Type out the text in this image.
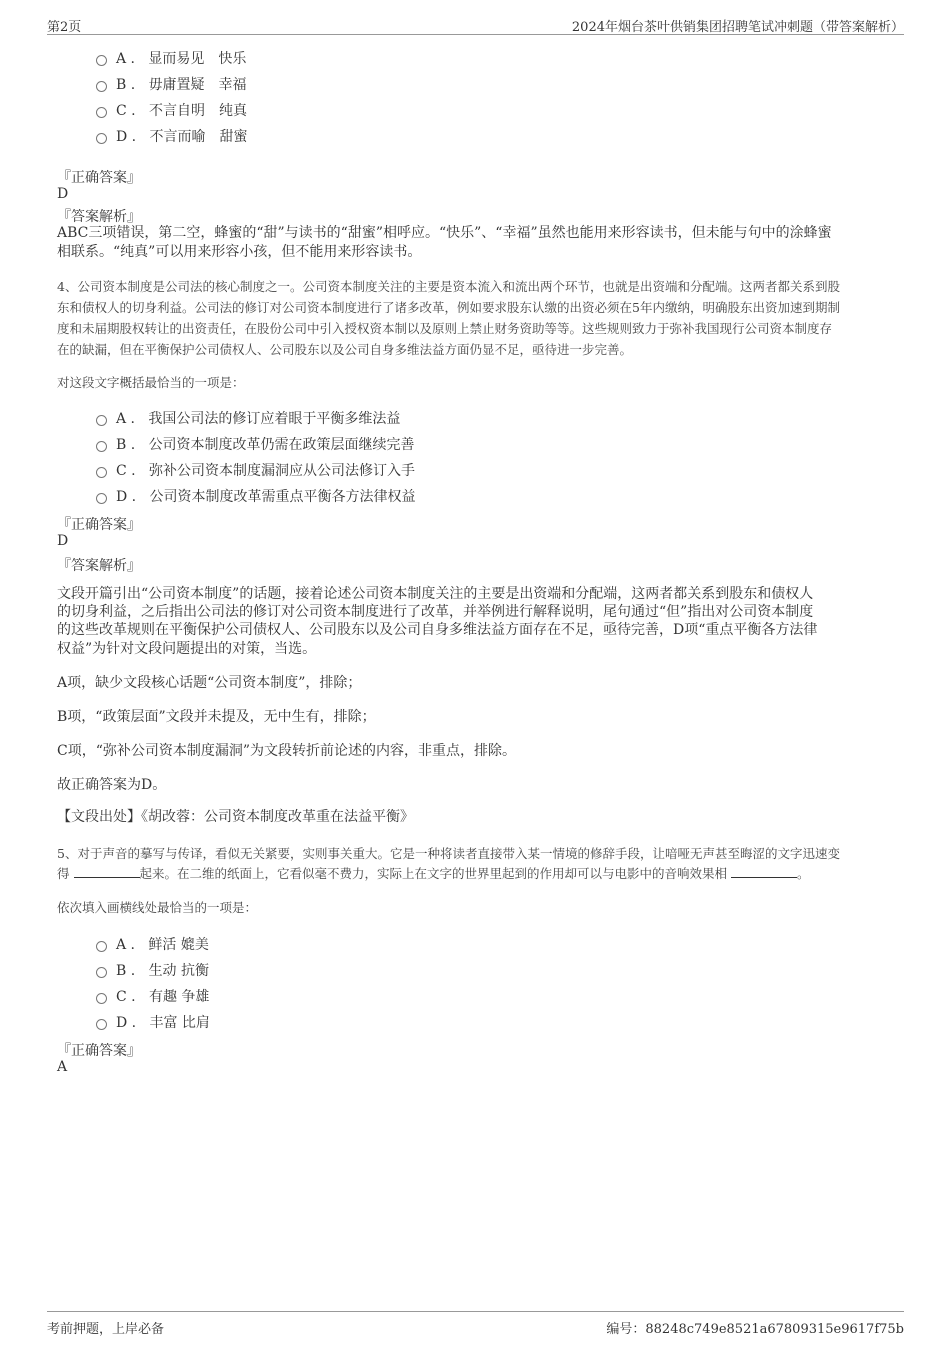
第2页	2024年烟台茶叶供销集团招聘笔试冲刺题（带答案解析）
A . 显而易见　快乐
B . 毋庸置疑　幸福
C . 不言自明　纯真
D . 不言而喻　甜蜜
『正确答案』
D
『答案解析』
ABC三项错误，第二空，蜂蜜的“甜”与读书的“甜蜜”相呼应。“快乐”、“幸福”虽然也能用来形容读书，但未能与句中的涂蜂蜜
相联系。“纯真”可以用来形容小孩，但不能用来形容读书。
4、公司资本制度是公司法的核心制度之一。公司资本制度关注的主要是资本流入和流出两个环节，也就是出资端和分配端。这两者都关系到股
东和债权人的切身利益。公司法的修订对公司资本制度进行了诸多改革，例如要求股东认缴的出资必须在5年内缴纳，明确股东出资加速到期制
度和未届期股权转让的出资责任，在股份公司中引入授权资本制以及原则上禁止财务资助等等。这些规则致力于弥补我国现行公司资本制度存
在的缺漏，但在平衡保护公司债权人、公司股东以及公司自身多维法益方面仍显不足，亟待进一步完善。
对这段文字概括最恰当的一项是：
A . 我国公司法的修订应着眼于平衡多维法益
B . 公司资本制度改革仍需在政策层面继续完善
C . 弥补公司资本制度漏洞应从公司法修订入手
D . 公司资本制度改革需重点平衡各方法律权益
『正确答案』
D
『答案解析』
文段开篇引出“公司资本制度”的话题，接着论述公司资本制度关注的主要是出资端和分配端，这两者都关系到股东和债权人
的切身利益，之后指出公司法的修订对公司资本制度进行了改革，并举例进行解释说明，尾句通过“但”指出对公司资本制度
的这些改革规则在平衡保护公司债权人、公司股东以及公司自身多维法益方面存在不足，亟待完善，D项“重点平衡各方法律
权益”为针对文段问题提出的对策，当选。
A项，缺少文段核心话题“公司资本制度”，排除；
B项，“政策层面”文段并未提及，无中生有，排除；
C项，“弥补公司资本制度漏洞”为文段转折前论述的内容，非重点，排除。
故正确答案为D。
【文段出处】《胡改蓉：公司资本制度改革重在法益平衡》
5、对于声音的摹写与传译，看似无关紧要，实则事关重大。它是一种将读者直接带入某一情境的修辞手段，让喑哑无声甚至晦涩的文字迅速变
得	起来。在二维的纸面上，它看似毫不费力，实际上在文字的世界里起到的作用却可以与电影中的音响效果相	。
依次填入画横线处最恰当的一项是：
A . 鲜活 媲美
B . 生动 抗衡
C . 有趣 争雄
D . 丰富 比肩
『正确答案』
A
考前押题，上岸必备	编号：88248c749e8521a67809315e9617f75b
